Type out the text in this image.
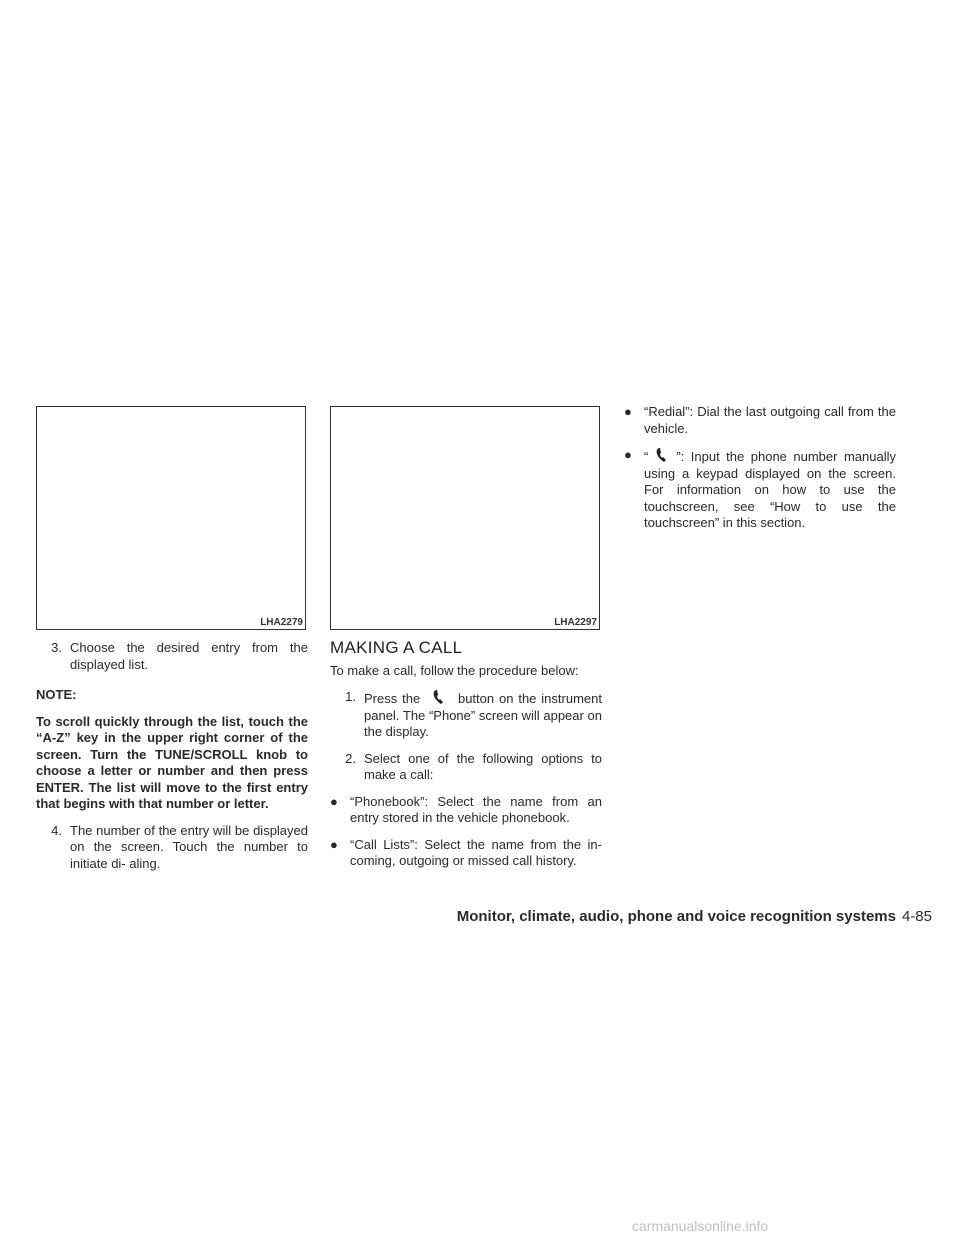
LHA2279
3. Choose the desired entry from the displayed list.
NOTE:
To scroll quickly through the list, touch the “A-Z” key in the upper right corner of the screen. Turn the TUNE/SCROLL knob to choose a letter or number and then press ENTER. The list will move to the first entry that begins with that number or letter.
4. The number of the entry will be displayed on the screen. Touch the number to initiate di- aling.
LHA2297
MAKING A CALL
To make a call, follow the procedure below:
1. Press the	button on the instrument panel. The “Phone” screen will appear on the display.
2. Select one of the following options to make a call:
● “Phonebook”: Select the name from an entry stored in the vehicle phonebook.
● “Call Lists”: Select the name from the in- coming, outgoing or missed call history.
● “Redial”: Dial the last outgoing call from the vehicle.
● “ ”: Input the phone number manually using a keypad displayed on the screen. For information on how to use the touchscreen, see “How to use the touchscreen” in this section.
Monitor, climate, audio, phone and voice recognition systems 4-85
carmanualsonline.info
